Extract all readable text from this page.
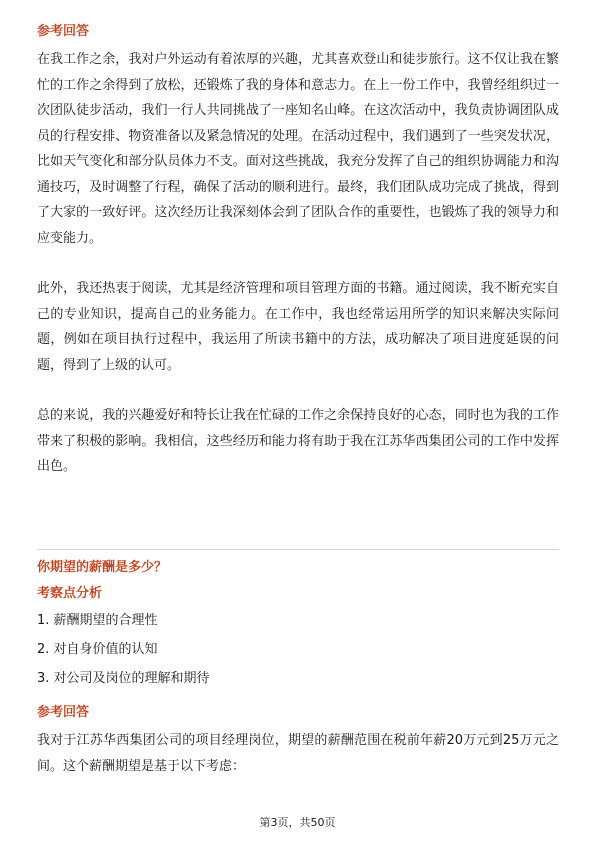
参考回答

在我工作之余，我对户外运动有着浓厚的兴趣，尤其喜欢登山和徒步旅行。这不仅让我在繁忙的工作之余得到了放松，还锻炼了我的身体和意志力。在上一份工作中，我曾经组织过一次团队徒步活动，我们一行人共同挑战了一座知名山峰。在这次活动中，我负责协调团队成员的行程安排、物资准备以及紧急情况的处理。在活动过程中，我们遇到了一些突发状况，比如天气变化和部分队员体力不支。面对这些挑战，我充分发挥了自己的组织协调能力和沟通技巧，及时调整了行程，确保了活动的顺利进行。最终，我们团队成功完成了挑战，得到了大家的一致好评。这次经历让我深刻体会到了团队合作的重要性，也锻炼了我的领导力和应变能力。

此外，我还热衷于阅读，尤其是经济管理和项目管理方面的书籍。通过阅读，我不断充实自己的专业知识，提高自己的业务能力。在工作中，我也经常运用所学的知识来解决实际问题，例如在项目执行过程中，我运用了所读书籍中的方法，成功解决了项目进度延误的问题，得到了上级的认可。

总的来说，我的兴趣爱好和特长让我在忙碌的工作之余保持良好的心态，同时也为我的工作带来了积极的影响。我相信，这些经历和能力将有助于我在江苏华西集团公司的工作中发挥出色。

你期望的薪酬是多少？
考察点分析
1. 薪酬期望的合理性
2. 对自身价值的认知
3. 对公司及岗位的理解和期待
参考回答

我对于江苏华西集团公司的项目经理岗位，期望的薪酬范围在税前年薪20万元到25万元之间。这个薪酬期望是基于以下考虑：

第3页，共50页
